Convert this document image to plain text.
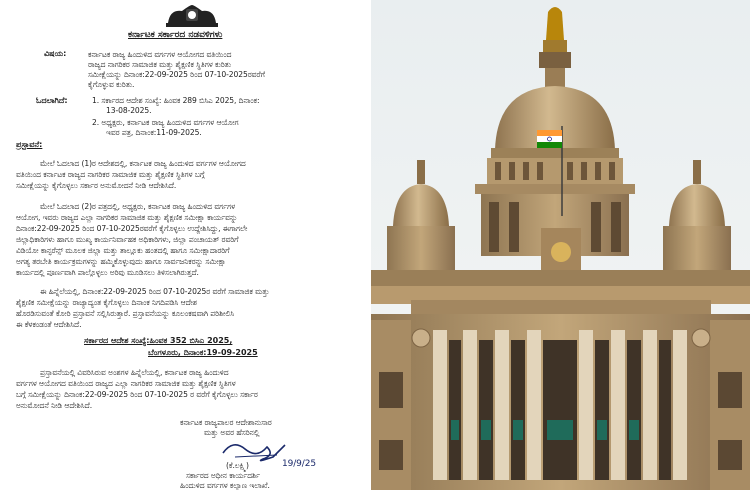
ಕರ್ನಾಟಕ ಸರ್ಕಾರದ ನಡವಳಿಗಳು
ವಿಷಯ:	ಕರ್ನಾಟಕ ರಾಜ್ಯ ಹಿಂದುಳಿದ ವರ್ಗಗಳ ಆಯೋಗದ ವತಿಯಿಂದ
ರಾಜ್ಯದ ನಾಗರಿಕರ ಸಾಮಾಜಿಕ ಮತ್ತು ಶೈಕ್ಷಣಿಕ ಸ್ಥಿತಿಗಳ ಕುರಿತು
ಸಮೀಕ್ಷೆಯನ್ನು ದಿನಾಂಕ:22-09-2025 ರಿಂದ 07-10-2025ರವರೆಗೆ
ಕೈಗೊಳ್ಳುವ ಕುರಿತು.
ಓದಲಾಗಿದೆ:	1. ಸರ್ಕಾರದ ಆದೇಶ ಸಂಖ್ಯೆ: ಹಿಂವಕ 289 ಬಿಸಿಎ 2025, ದಿನಾಂಕ:
13-08-2025.
2. ಅಧ್ಯಕ್ಷರು, ಕರ್ನಾಟಕ ರಾಜ್ಯ ಹಿಂದುಳಿದ ವರ್ಗಗಳ ಆಯೋಗ
ಇವರ ಪತ್ರ, ದಿನಾಂಕ:11-09-2025.
ಪ್ರಸ್ತಾವನೆ:
ಮೇಲೆ ಓದಲಾದ (1)ರ ಆದೇಶದಲ್ಲಿ, ಕರ್ನಾಟಕ ರಾಜ್ಯ ಹಿಂದುಳಿದ ವರ್ಗಗಳ ಆಯೋಗದ
ವತಿಯಿಂದ ಕರ್ನಾಟಕ ರಾಜ್ಯದ ನಾಗರಿಕರ ಸಾಮಾಜಿಕ ಮತ್ತು ಶೈಕ್ಷಣಿಕ ಸ್ಥಿತಿಗಳ ಬಗ್ಗೆ
ಸಮೀಕ್ಷೆಯನ್ನು ಕೈಗೊಳ್ಳಲು ಸರ್ಕಾರ ಅನುಮೋದನೆ ನೀಡಿ ಆದೇಶಿಸಿದೆ.
ಮೇಲೆ ಓದಲಾದ (2)ರ ಪತ್ರದಲ್ಲಿ, ಅಧ್ಯಕ್ಷರು, ಕರ್ನಾಟಕ ರಾಜ್ಯ ಹಿಂದುಳಿದ ವರ್ಗಗಳ
ಆಯೋಗ, ಇವರು ರಾಜ್ಯದ ಎಲ್ಲಾ ನಾಗರಿಕರ ಸಾಮಾಜಿಕ ಮತ್ತು ಶೈಕ್ಷಣಿಕ ಸಮೀಕ್ಷಾ ಕಾರ್ಯವನ್ನು
ದಿನಾಂಕ:22-09-2025 ರಿಂದ 07-10-2025ರವರೆಗೆ ಕೈಗೊಳ್ಳಲು ಉದ್ದೇಶಿಸಿದ್ದು, ಈಗಾಗಲೇ
ಜಿಲ್ಲಾಧಿಕಾರಿಗಳು ಹಾಗೂ ಮುಖ್ಯ ಕಾರ್ಯನಿರ್ವಾಹಕ ಅಧಿಕಾರಿಗಳು, ಜಿಲ್ಲಾ ಪಂಚಾಯತ್ ರವರಿಗೆ
ವಿಡಿಯೋ ಕಾನ್ಫರೆನ್ಸ್ ಮೂಲಕ ಜಿಲ್ಲಾ ಮತ್ತು ತಾಲ್ಲೂಕು ಹಂತದಲ್ಲಿ ಹಾಗೂ ಸಮೀಕ್ಷಾದಾರರಿಗೆ
ಅಗತ್ಯ ತರಬೇತಿ ಕಾರ್ಯಕ್ರಮಗಳನ್ನು ಹಮ್ಮಿಕೊಳ್ಳುವುದು ಹಾಗೂ ಸಾರ್ವಜನಿಕರನ್ನು ಸಮೀಕ್ಷಾ
ಕಾರ್ಯದಲ್ಲಿ ಪೂರ್ಣವಾಗಿ ಪಾಲ್ಗೊಳ್ಳಲು ಅರಿವು ಮೂಡಿಸಲು ತಿಳಿಸಲಾಗಿರುತ್ತದೆ.
ಈ ಹಿನ್ನೆಲೆಯಲ್ಲಿ, ದಿನಾಂಕ:22-09-2025 ರಿಂದ 07-10-2025ರ ವರೆಗೆ ಸಾಮಾಜಿಕ ಮತ್ತು
ಶೈಕ್ಷಣಿಕ ಸಮೀಕ್ಷೆಯನ್ನು ರಾಜ್ಯಾದ್ಯಂತ ಕೈಗೊಳ್ಳಲು ದಿನಾಂಕ ನಿಗದಿಪಡಿಸಿ ಆದೇಶ
ಹೊರಡಿಸುವಂತೆ ಕೋರಿ ಪ್ರಸ್ತಾವನೆ ಸಲ್ಲಿಸಿರುತ್ತಾರೆ. ಪ್ರಸ್ತಾವನೆಯನ್ನು ಕೂಲಂಕಷವಾಗಿ ಪರಿಶೀಲಿಸಿ
ಈ ಕೆಳಕಂಡಂತೆ ಆದೇಶಿಸಿದೆ.
ಸರ್ಕಾರದ ಆದೇಶ ಸಂಖ್ಯೆ:ಹಿಂವಕ 352 ಬಿಸಿಎ 2025,
ಬೆಂಗಳೂರು, ದಿನಾಂಕ:19-09-2025
ಪ್ರಸ್ತಾವನೆಯಲ್ಲಿ ವಿವರಿಸಿರುವ ಅಂಶಗಳ ಹಿನ್ನೆಲೆಯಲ್ಲಿ, ಕರ್ನಾಟಕ ರಾಜ್ಯ ಹಿಂದುಳಿದ
ವರ್ಗಗಳ ಆಯೋಗದ ವತಿಯಿಂದ ರಾಜ್ಯದ ಎಲ್ಲಾ ನಾಗರಿಕರ ಸಾಮಾಜಿಕ ಮತ್ತು ಶೈಕ್ಷಣಿಕ ಸ್ಥಿತಿಗಳ
ಬಗ್ಗೆ ಸಮೀಕ್ಷೆಯನ್ನು ದಿನಾಂಕ:22-09-2025 ರಿಂದ 07-10-2025 ರ ವರೆಗೆ ಕೈಗೊಳ್ಳಲು ಸರ್ಕಾರ
ಅನುಮೋದನೆ ನೀಡಿ ಆದೇಶಿಸಿದೆ.
ಕರ್ನಾಟಕ ರಾಜ್ಯಪಾಲರ ಆದೇಶಾನುಸಾರ
ಮತ್ತು ಅವರ ಹೆಸರಿನಲ್ಲಿ
19/9/25
(ಕೆ.ಲಕ್ಷ್ಮಿ)
ಸರ್ಕಾರದ ಅಧೀನ ಕಾರ್ಯದರ್ಶಿ
ಹಿಂದುಳಿದ ವರ್ಗಗಳ ಕಲ್ಯಾಣ ಇಲಾಖೆ.
